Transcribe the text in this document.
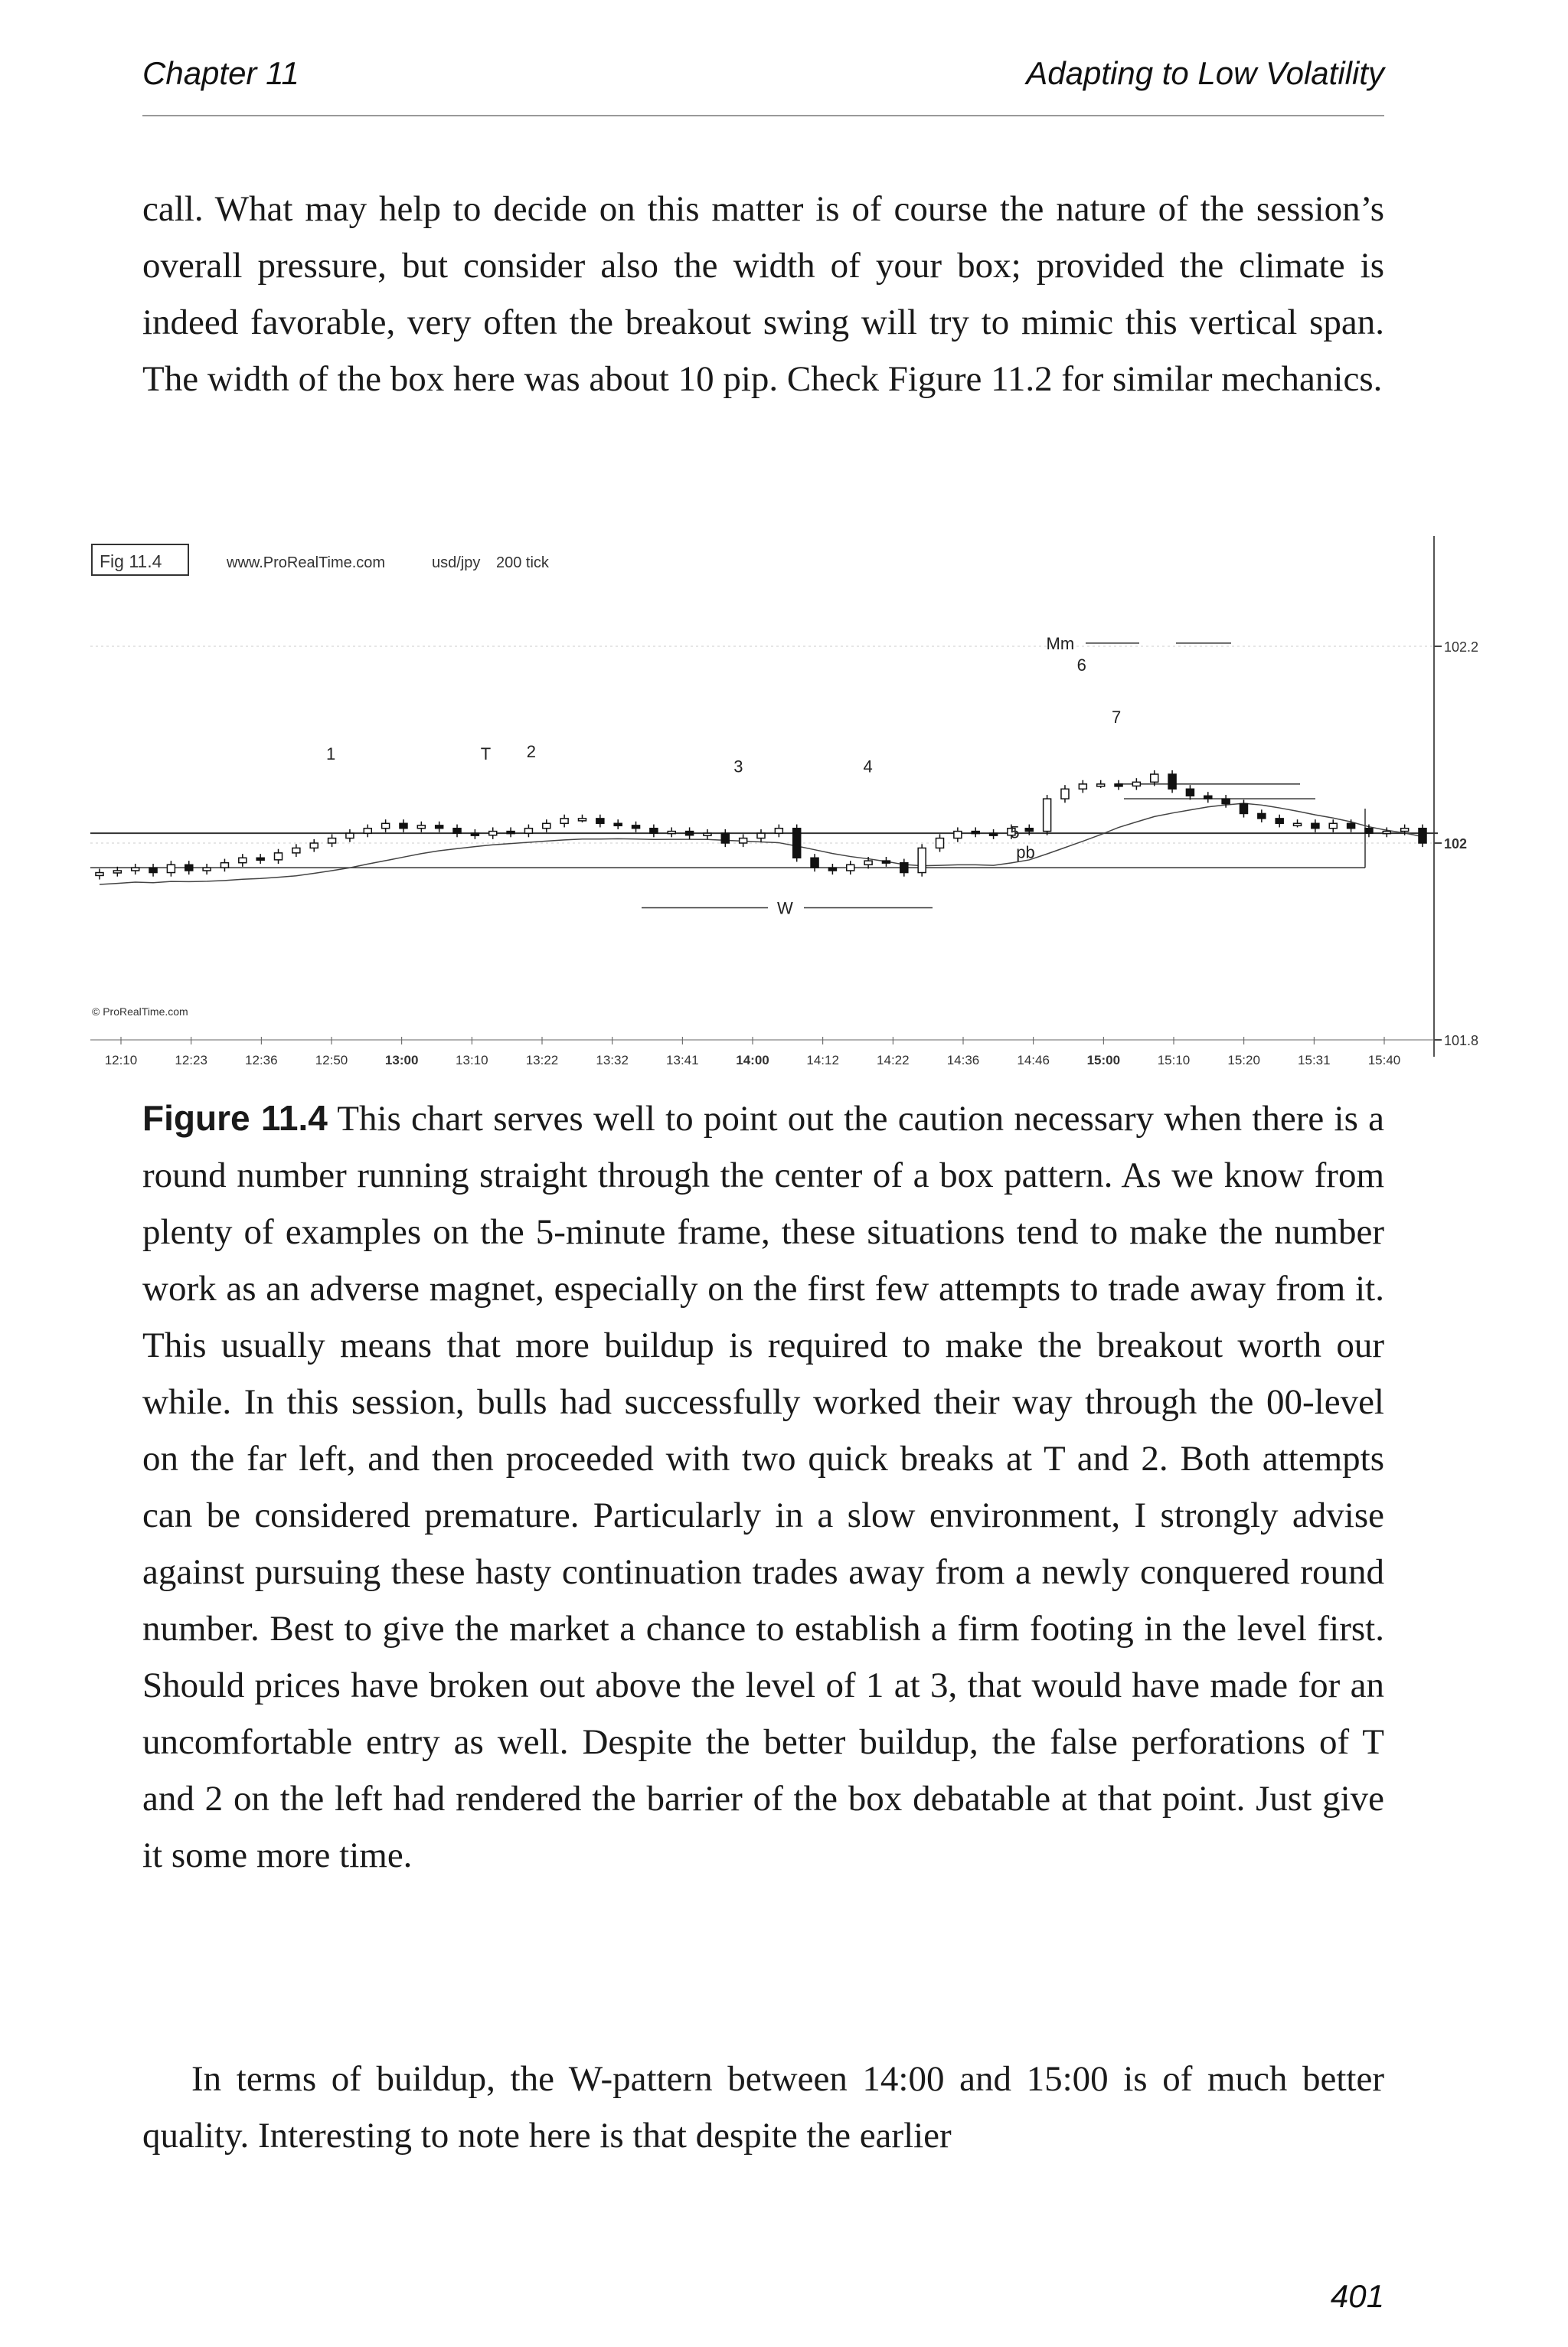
Chapter 11	Adapting to Low Volatility

call. What may help to decide on this matter is of course the nature of the session’s overall pressure, but consider also the width of your box; provided the climate is indeed favorable, very often the breakout swing will try to mimic this vertical span. The width of the box here was about 10 pip. Check Figure 11.2 for similar mechanics.

Fig 11.4	www.ProRealTime.com	usd/jpy 200 tick
© ProRealTime.com
102.2
102
101.8
12:10	12:23	12:36	12:50	13:00	13:10	13:22	13:32	13:41	14:00	14:12	14:22	14:36	14:46	15:00	15:10	15:20	15:31	15:40
1	T 2
3	4
5
pb
W
Mm
6
7

Figure 11.4 This chart serves well to point out the caution necessary when there is a round number running straight through the center of a box pattern. As we know from plenty of examples on the 5-minute frame, these situations tend to make the number work as an adverse magnet, especially on the first few attempts to trade away from it. This usually means that more buildup is required to make the breakout worth our while. In this session, bulls had successfully worked their way through the 00-level on the far left, and then proceeded with two quick breaks at T and 2. Both attempts can be considered premature. Particularly in a slow environment, I strongly advise against pursuing these hasty continuation trades away from a newly conquered round number. Best to give the market a chance to establish a firm footing in the level first. Should prices have broken out above the level of 1 at 3, that would have made for an uncomfortable entry as well. Despite the better buildup, the false perforations of T and 2 on the left had rendered the barrier of the box debatable at that point. Just give it some more time.

In terms of buildup, the W-pattern between 14:00 and 15:00 is of much better quality. Interesting to note here is that despite the earlier

401
